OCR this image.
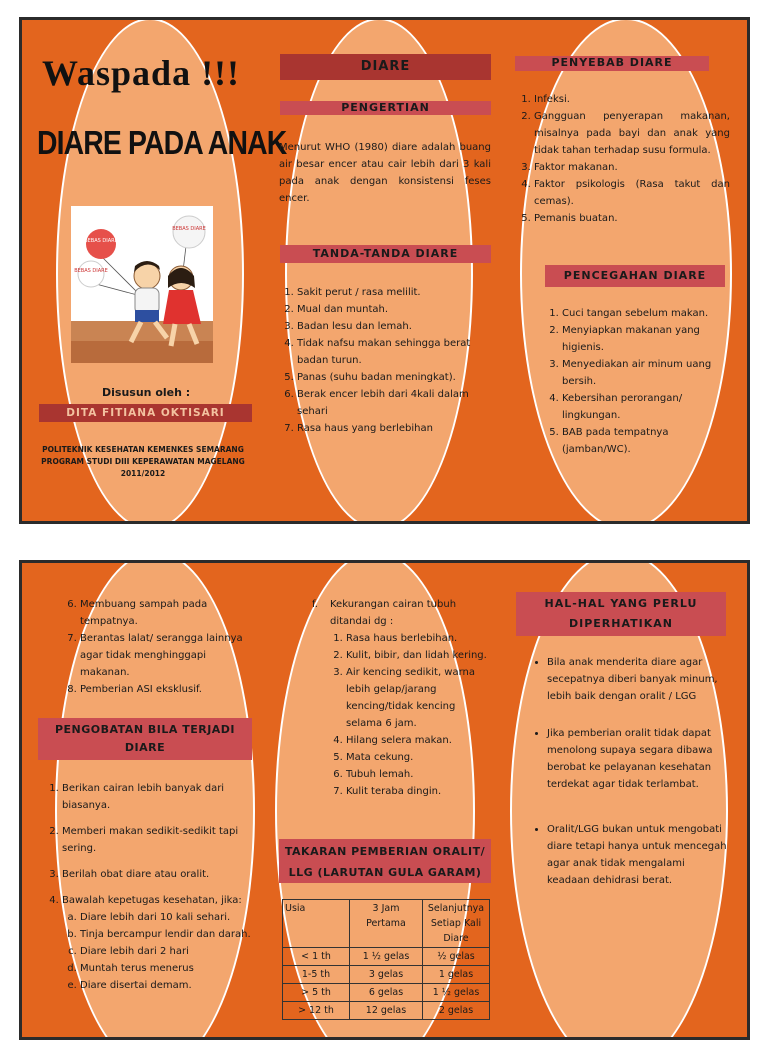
Waspada !!!
DIARE PADA ANAK
BEBAS DIARE
BEBAS DIARE
BEBAS DIARE
Disusun oleh :
DITA FITIANA OKTISARI
POLITEKNIK KESEHATAN KEMENKES SEMARANG
PROGRAM STUDI DIII KEPERAWATAN MAGELANG
2011/2012
DIARE
PENGERTIAN
Menurut WHO (1980) diare adalah buang air besar encer atau cair lebih dari 3 kali pada anak dengan konsistensi feses encer.
TANDA-TANDA DIARE
1. Sakit perut / rasa melilit.
2. Mual dan muntah.
3. Badan lesu dan lemah.
4. Tidak nafsu makan sehingga berat badan turun.
5. Panas (suhu badan meningkat).
6. Berak encer lebih dari 4kali dalam sehari
7. Rasa haus yang berlebihan
PENYEBAB DIARE
1. Infeksi.
2. Gangguan penyerapan makanan, misalnya pada bayi dan anak yang tidak tahan terhadap susu formula.
3. Faktor makanan.
4. Faktor psikologis (Rasa takut dan cemas).
5. Pemanis buatan.
PENCEGAHAN DIARE
1. Cuci tangan sebelum makan.
2. Menyiapkan makanan yang higienis.
3. Menyediakan air minum uang bersih.
4. Kebersihan perorangan/ lingkungan.
5. BAB pada tempatnya (jamban/WC).
6. Membuang sampah pada tempatnya.
7. Berantas lalat/ serangga lainnya agar tidak menghinggapi makanan.
8. Pemberian ASI eksklusif.
PENGOBATAN BILA TERJADI
DIARE
1. Berikan cairan lebih banyak dari biasanya.
2. Memberi makan sedikit-sedikit tapi sering.
3. Berilah obat diare atau oralit.
4. Bawalah kepetugas kesehatan, jika:
a. Diare lebih dari 10 kali sehari.
b. Tinja bercampur lendir dan darah.
c. Diare lebih dari 2 hari
d. Muntah terus menerus
e. Diare disertai demam.
f. Kekurangan cairan tubuh ditandai dg :
1. Rasa haus berlebihan.
2. Kulit, bibir, dan lidah kering.
3. Air kencing sedikit, warna lebih gelap/jarang kencing/tidak kencing selama 6 jam.
4. Hilang selera makan.
5. Mata cekung.
6. Tubuh lemah.
7. Kulit teraba dingin.
TAKARAN PEMBERIAN ORALIT/
LLG (LARUTAN GULA GARAM)
Usia	3 Jam Pertama	Selanjutnya Setiap Kali Diare
< 1 th	1 ½ gelas	½ gelas
1-5 th	3 gelas	1 gelas
> 5 th	6 gelas	1 ½ gelas
> 12 th	12 gelas	2 gelas
HAL-HAL YANG PERLU
DIPERHATIKAN
• Bila anak menderita diare agar secepatnya diberi banyak minum, lebih baik dengan oralit / LGG
• Jika pemberian oralit tidak dapat menolong supaya segara dibawa berobat ke pelayanan kesehatan terdekat agar tidak terlambat.
• Oralit/LGG bukan untuk mengobati diare tetapi hanya untuk mencegah agar anak tidak mengalami keadaan dehidrasi berat.
